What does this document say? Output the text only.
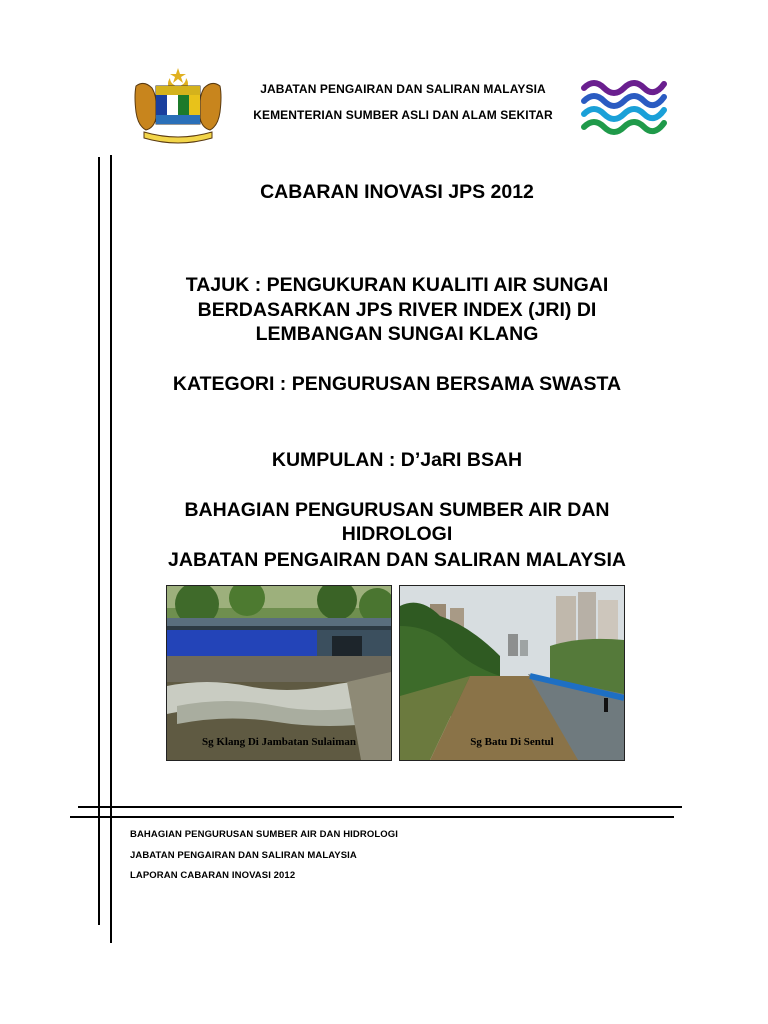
JABATAN PENGAIRAN DAN SALIRAN MALAYSIA
KEMENTERIAN SUMBER ASLI DAN ALAM SEKITAR
CABARAN INOVASI JPS 2012
TAJUK : PENGUKURAN KUALITI AIR SUNGAI
BERDASARKAN JPS RIVER INDEX (JRI) DI
LEMBANGAN SUNGAI KLANG
KATEGORI : PENGURUSAN BERSAMA SWASTA
KUMPULAN : D’JaRI BSAH
BAHAGIAN PENGURUSAN SUMBER AIR DAN
HIDROLOGI
JABATAN PENGAIRAN DAN SALIRAN MALAYSIA
Sg Klang Di Jambatan Sulaiman	Sg Batu Di Sentul
BAHAGIAN PENGURUSAN SUMBER AIR DAN HIDROLOGI
JABATAN PENGAIRAN DAN SALIRAN MALAYSIA
LAPORAN CABARAN INOVASI 2012
